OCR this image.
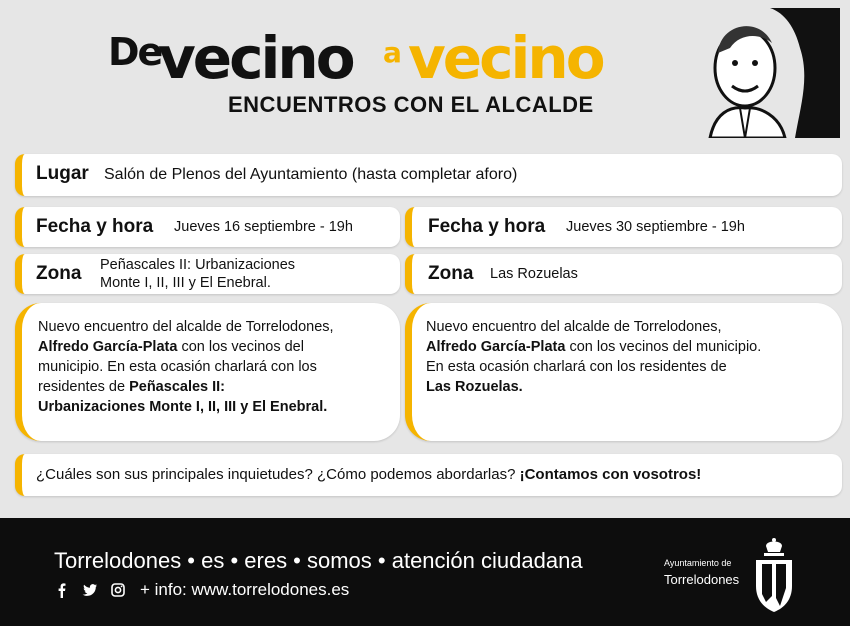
De
vecino a vecino
ENCUENTROS CON EL ALCALDE
Lugar Salón de Plenos del Ayuntamiento (hasta completar aforo)
Fecha y hora Jueves 16 septiembre - 19h	Fecha y hora Jueves 30 septiembre - 19h
Zona Peñascales II: Urbanizaciones
Monte I, II, III y El Enebral.	Zona Las Rozuelas
Nuevo encuentro del alcalde de Torrelodones,
Alfredo García-Plata con los vecinos del
municipio. En esta ocasión charlará con los
residentes de Peñascales II:
Urbanizaciones Monte I, II, III y El Enebral.
Nuevo encuentro del alcalde de Torrelodones,
Alfredo García-Plata con los vecinos del municipio.
En esta ocasión charlará con los residentes de
Las Rozuelas.
¿Cuáles son sus principales inquietudes? ¿Cómo podemos abordarlas? ¡Contamos con vosotros!
Torrelodones • es • eres • somos • atención ciudadana
+ info: www.torrelodones.es
Ayuntamiento de
Torrelodones
